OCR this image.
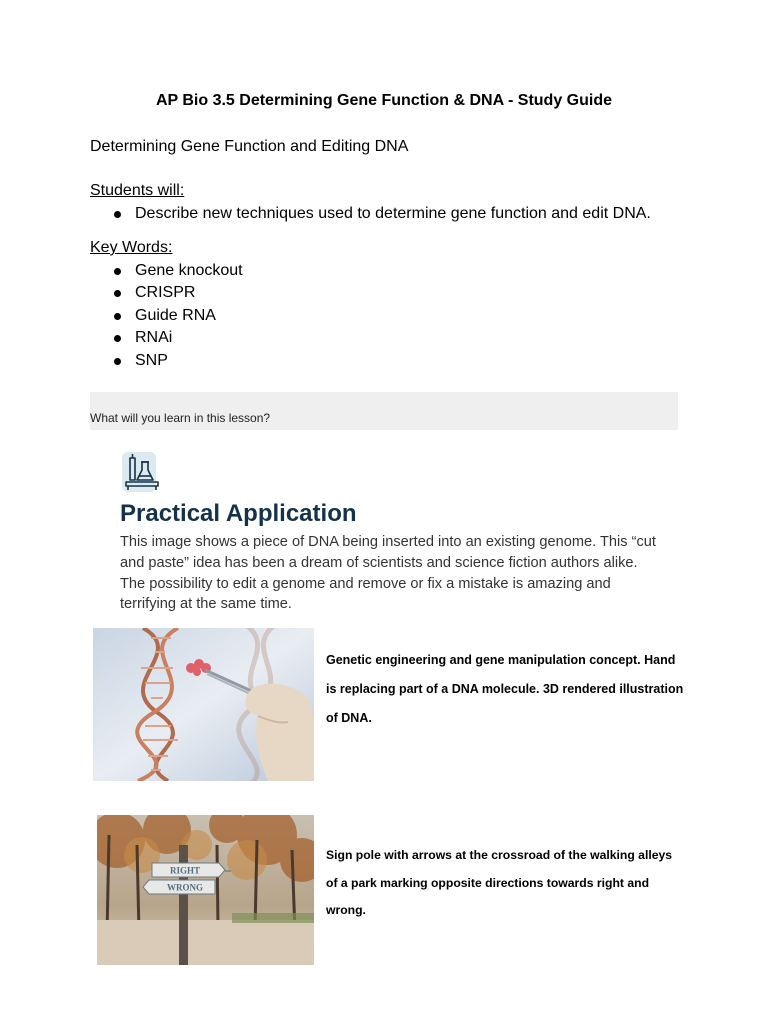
AP Bio 3.5 Determining Gene Function & DNA - Study Guide
Determining Gene Function and Editing DNA
Students will:
Describe new techniques used to determine gene function and edit DNA.
Key Words:
Gene knockout
CRISPR
Guide RNA
RNAi
SNP
What will you learn in this lesson?
Practical Application
This image shows a piece of DNA being inserted into an existing genome. This “cut and paste” idea has been a dream of scientists and science fiction authors alike. The possibility to edit a genome and remove or fix a mistake is amazing and terrifying at the same time.
Genetic engineering and gene manipulation concept. Hand is replacing part of a DNA molecule. 3D rendered illustration of DNA.
RIGHT
WRONG
Sign pole with arrows at the crossroad of the walking alleys of a park marking opposite directions towards right and wrong.
